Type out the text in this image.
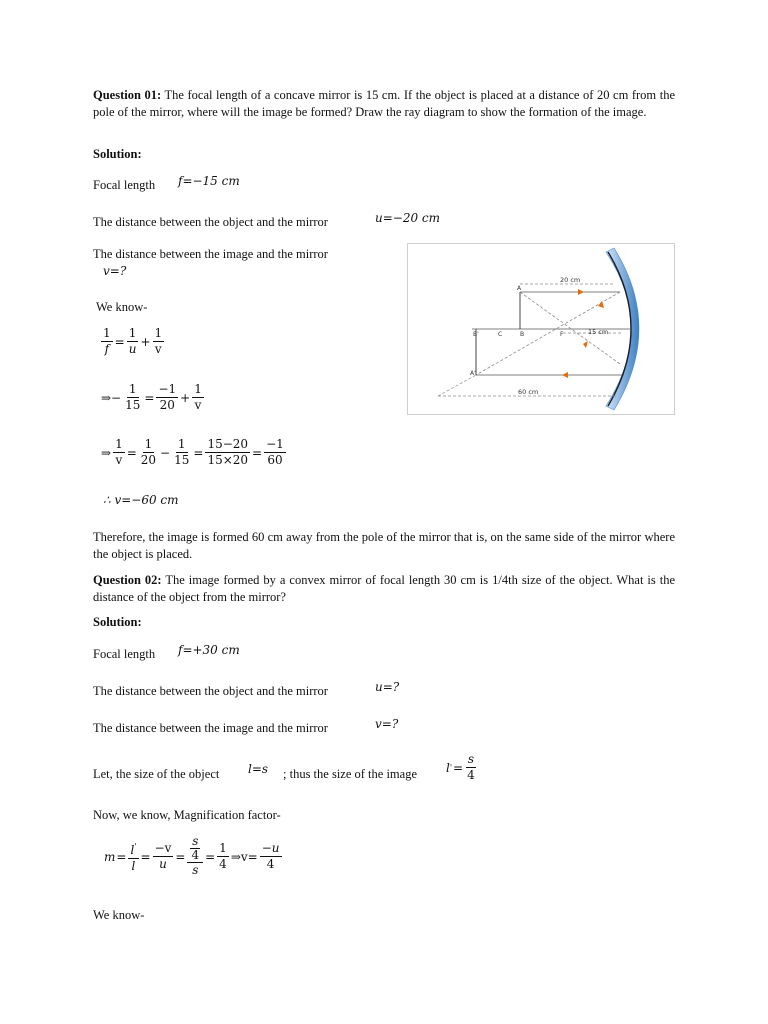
Question 01: The focal length of a concave mirror is 15 cm. If the object is placed at a distance of 20 cm from the pole of the mirror, where will the image be formed? Draw the ray diagram to show the formation of the image.
Solution:
Focal length f=−15 cm
The distance between the object and the mirror	u=−20 cm
The distance between the image and the mirror
v=?
We know-
$\frac{1}{f} = \frac{1}{u} + \frac{1}{v}$
⇒− $\frac{1}{15} = \frac{-1}{20} + \frac{1}{v}$
⇒ $\frac{1}{v} = \frac{1}{20} - \frac{1}{15} = \frac{15-20}{15\times 20} = \frac{-1}{60}$
∴ v=−60 cm
Therefore, the image is formed 60 cm away from the pole of the mirror that is, on the same side of the mirror where the object is placed.
20 cm
15 cm
60 cm
A
A'
B'	C	B	F
Question 02: The image formed by a convex mirror of focal length 30 cm is 1/4th size of the object. What is the distance of the object from the mirror?
Solution:
Focal length f=+30 cm
The distance between the object and the mirror	u=?
The distance between the image and the mirror	v=?
Let, the size of the object l=s ; thus the size of the image l ' = $\frac{s}{4}$
Now, we know, Magnification factor-
$m = \frac{l'}{l} = \frac{-v}{u} = \frac{\frac{s}{4}}{s} = \frac{1}{4}$ ⇒v= $\frac{-u}{4}$
We know-
